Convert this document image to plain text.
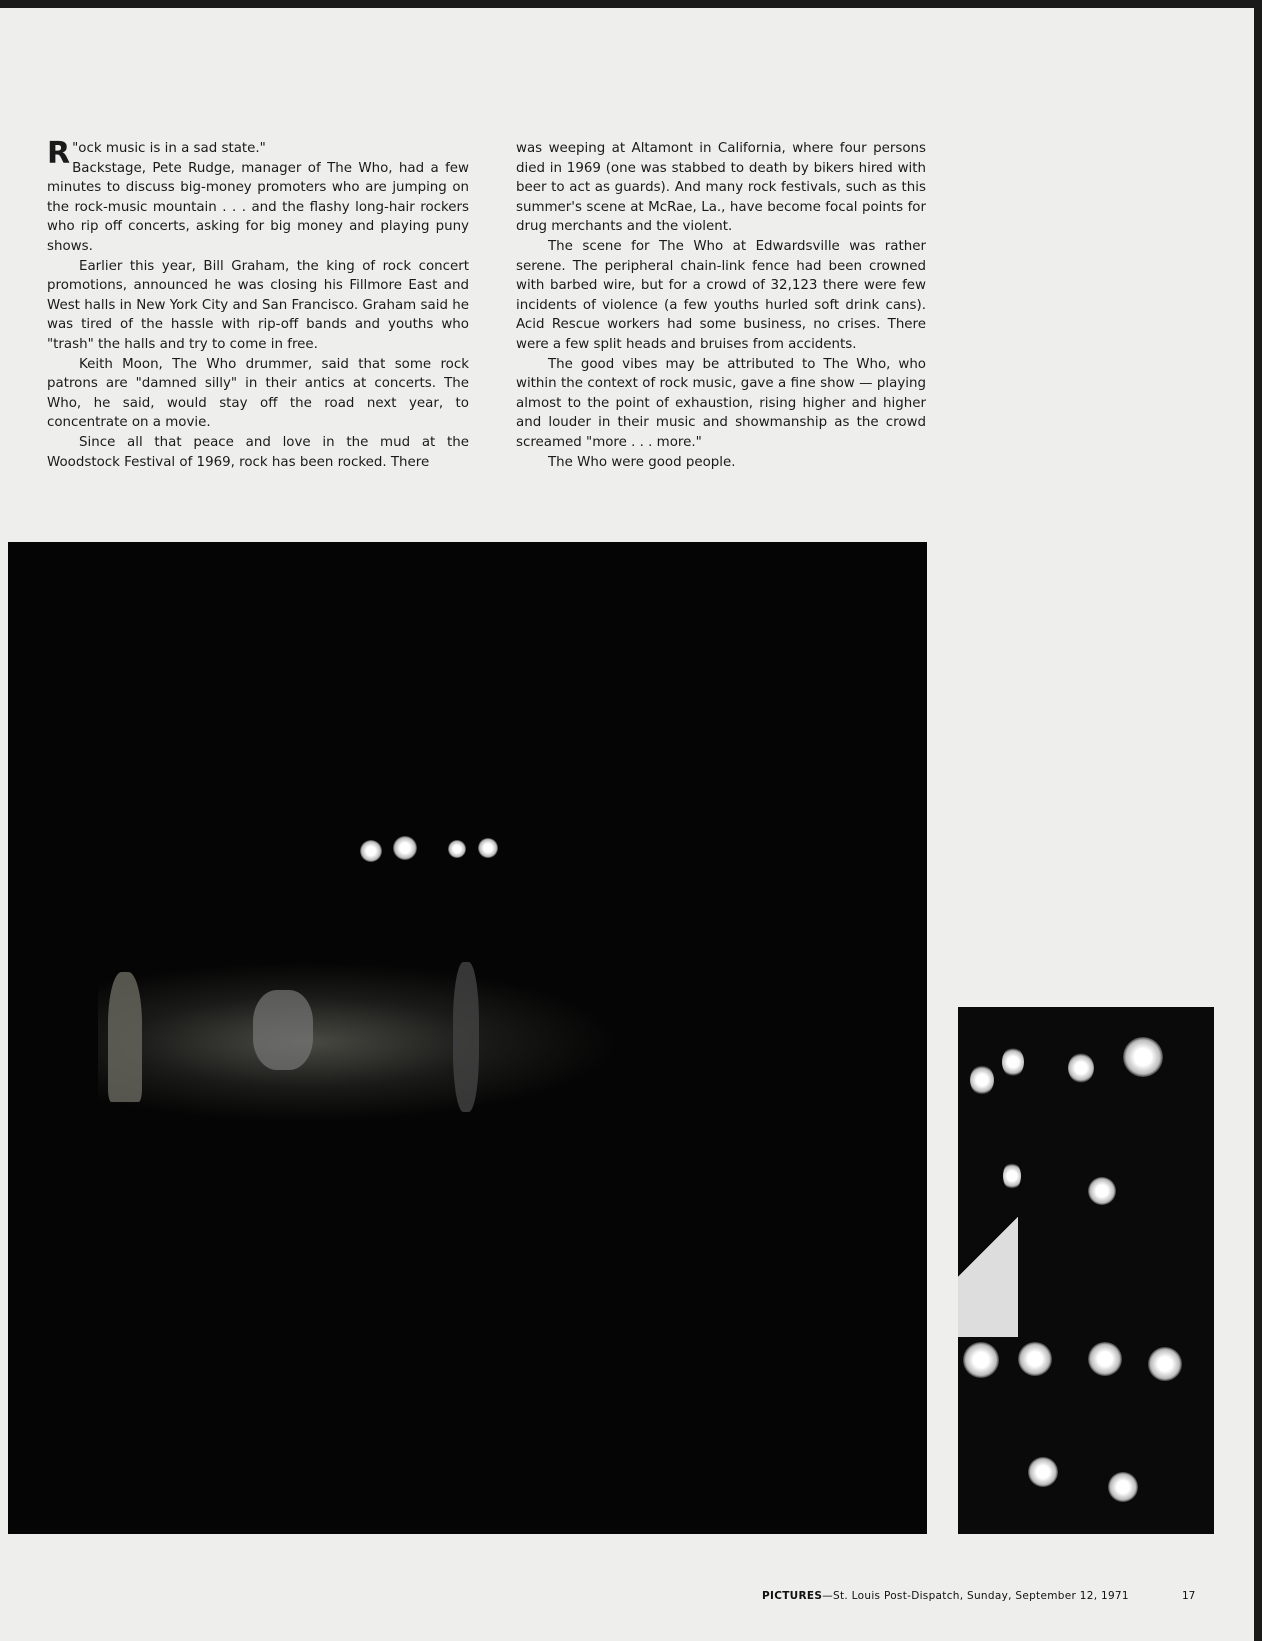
R "ock music is in a sad state."

Backstage, Pete Rudge, manager of The Who, had a few minutes to discuss big-money promoters who are jumping on the rock-music mountain . . . and the flashy long-hair rockers who rip off concerts, asking for big money and playing puny shows.

Earlier this year, Bill Graham, the king of rock concert promotions, announced he was closing his Fillmore East and West halls in New York City and San Francisco. Graham said he was tired of the hassle with rip-off bands and youths who "trash" the halls and try to come in free.

Keith Moon, The Who drummer, said that some rock patrons are "damned silly" in their antics at concerts. The Who, he said, would stay off the road next year, to concentrate on a movie.

Since all that peace and love in the mud at the Woodstock Festival of 1969, rock has been rocked. There

was weeping at Altamont in California, where four persons died in 1969 (one was stabbed to death by bikers hired with beer to act as guards). And many rock festivals, such as this summer's scene at McRae, La., have become focal points for drug merchants and the violent.

The scene for The Who at Edwardsville was rather serene. The peripheral chain-link fence had been crowned with barbed wire, but for a crowd of 32,123 there were few incidents of violence (a few youths hurled soft drink cans). Acid Rescue workers had some business, no crises. There were a few split heads and bruises from accidents.

The good vibes may be attributed to The Who, who within the context of rock music, gave a fine show — playing almost to the point of exhaustion, rising higher and higher and louder in their music and showmanship as the crowd screamed "more . . . more."

The Who were good people.

PICTURES—St. Louis Post-Dispatch, Sunday, September 12, 1971	17
